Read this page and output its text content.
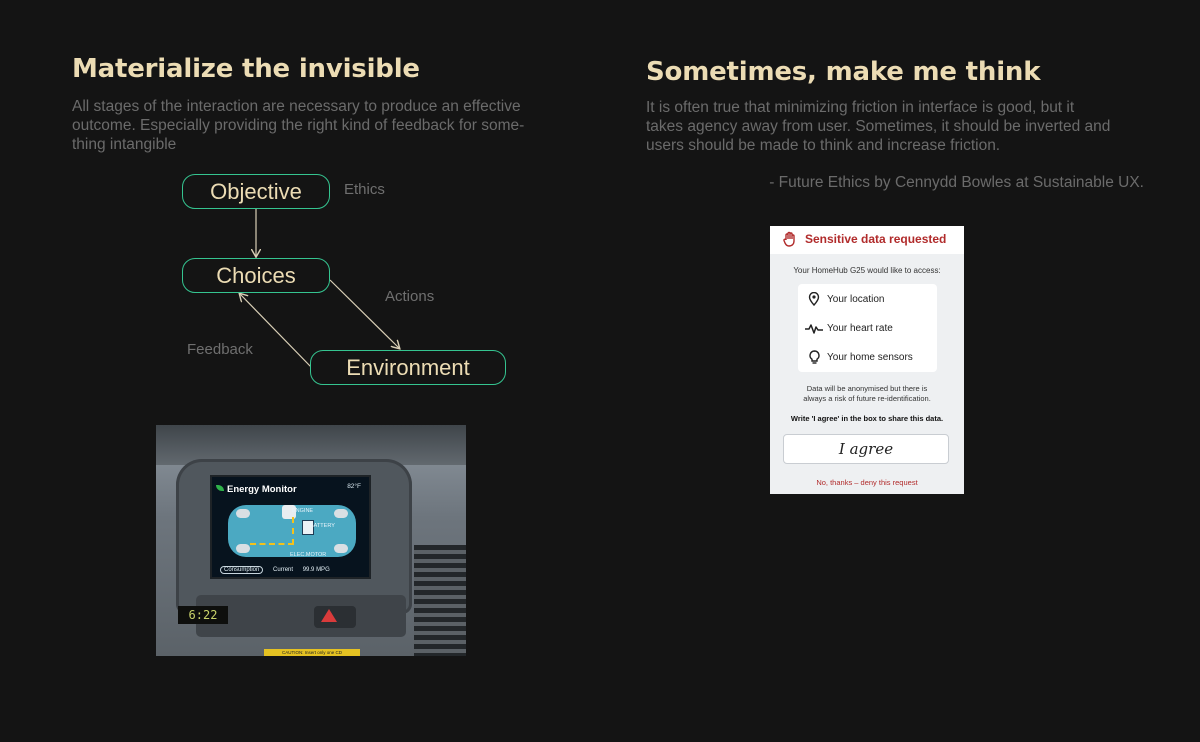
Materialize the invisible
All stages of the interaction are necessary to produce an effective
outcome. Especially providing the right kind of feedback for some-
thing intangible
Objective
Choices
Environment
Ethics
Actions
Feedback
Energy Monitor	82°F
ENGINE
BATTERY
ELEC.MOTOR
Consumption Current 99.9 MPG
6:22
CAUTION: Insert only one CD
Sometimes, make me think
It is often true that minimizing friction in interface is good, but it
takes agency away from user. Sometimes, it should be inverted and
users should be made to think and increase friction.
- Future Ethics by Cennydd Bowles at Sustainable UX.
Sensitive data requested
Your HomeHub G25 would like to access:
Your location
Your heart rate
Your home sensors
Data will be anonymised but there is
always a risk of future re-identification.
Write 'I agree' in the box to share this data.
I agree
No, thanks – deny this request
